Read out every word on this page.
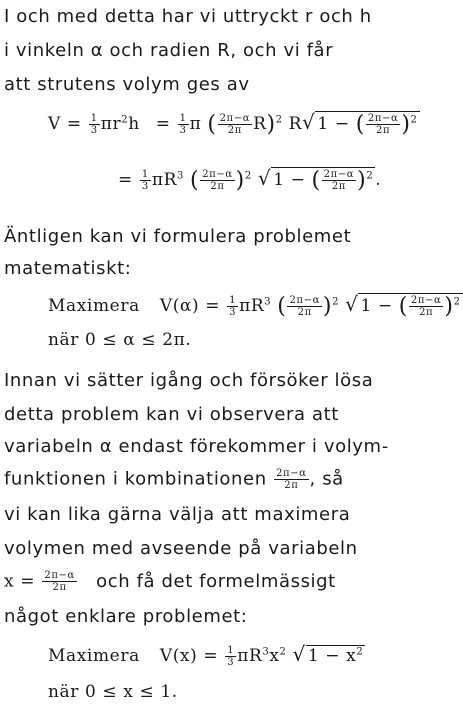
I och med detta har vi uttryckt r och h
i vinkeln α och radien R, och vi får
att strutens volym ges av
$V = \frac{1}{3} \pi r^2h = \frac{1}{3}$ π ( $\frac{2\pi-\alpha}{2\pi} R)^2$ R√ 1 − ( $\frac{2\pi-\alpha}{2\pi} )^2$
= $\frac{1}{3} \pi R^3$ ( $\frac{2\pi-\alpha}{2\pi} )^2$ √ 1 − ( $\frac{2\pi-\alpha}{2\pi} )^2$ .
Äntligen kan vi formulera problemet
matematiskt:
Maximera $V(\alpha) = \frac{1}{3} \pi R^3$ ( $\frac{2\pi-\alpha}{2\pi} )^2$ √ 1 − ( $\frac{2\pi-\alpha}{2\pi} )^2$
när 0 ≤ α ≤ 2π.
Innan vi sätter igång och försöker lösa
detta problem kan vi observera att
variabeln α endast förekommer i volym-
funktionen i kombinationen $\frac{2\pi-\alpha}{2\pi}$ , så
vi kan lika gärna välja att maximera
volymen med avseende på variabeln
$x = \frac{2\pi-\alpha}{2\pi}$ och få det formelmässigt
något enklare problemet:
Maximera $V(x) = \frac{1}{3} \pi R^3x^2$ √ $1 - x^2$
när 0 ≤ x ≤ 1.
